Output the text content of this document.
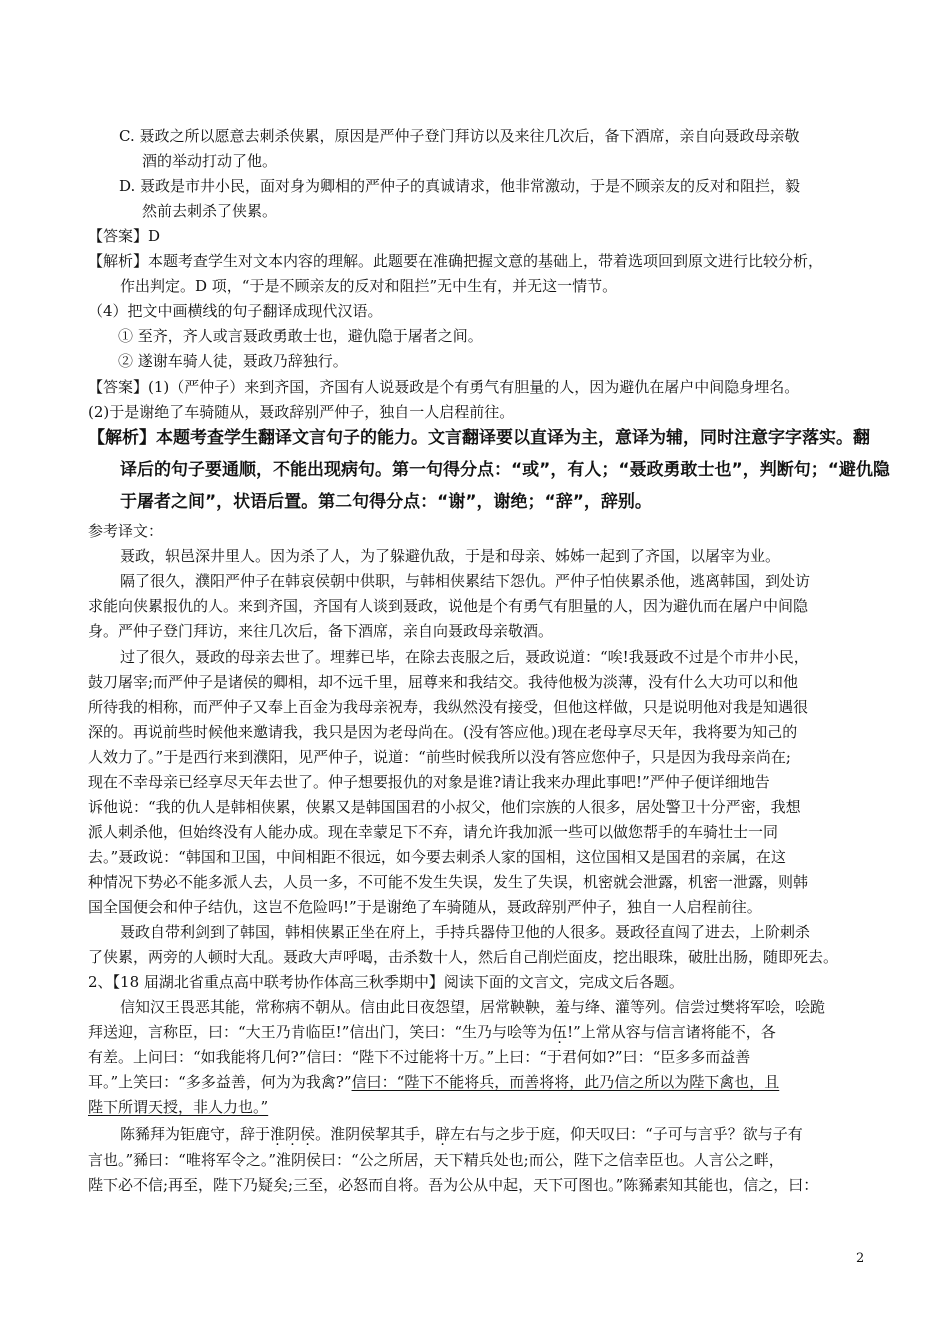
C. 聂政之所以愿意去刺杀侠累，原因是严仲子登门拜访以及来往几次后，备下酒席，亲自向聂政母亲敬
酒的举动打动了他。
D. 聂政是市井小民，面对身为卿相的严仲子的真诚请求，他非常激动，于是不顾亲友的反对和阻拦，毅
然前去刺杀了侠累。
【答案】D
【解析】本题考查学生对文本内容的理解。此题要在准确把握文意的基础上，带着选项回到原文进行比较分析，
作出判定。D 项，“于是不顾亲友的反对和阻拦”无中生有，并无这一情节。
（4）把文中画横线的句子翻译成现代汉语。
① 至齐，齐人或言聂政勇敢士也，避仇隐于屠者之间。
② 遂谢车骑人徒，聂政乃辞独行。
【答案】(1)（严仲子）来到齐国，齐国有人说聂政是个有勇气有胆量的人，因为避仇在屠户中间隐身埋名。
(2)于是谢绝了车骑随从，聂政辞别严仲子，独自一人启程前往。
【解析】本题考查学生翻译文言句子的能力。文言翻译要以直译为主，意译为辅，同时注意字字落实。翻
译后的句子要通顺，不能出现病句。第一句得分点：“或”，有人；“聂政勇敢士也”，判断句；“避仇隐
于屠者之间”，状语后置。第二句得分点：“谢”，谢绝；“辞”，辞别。
参考译文：
聂政，轵邑深井里人。因为杀了人，为了躲避仇敌，于是和母亲、姊姊一起到了齐国，以屠宰为业。
隔了很久，濮阳严仲子在韩哀侯朝中供职，与韩相侠累结下怨仇。严仲子怕侠累杀他，逃离韩国，到处访
求能向侠累报仇的人。来到齐国，齐国有人谈到聂政，说他是个有勇气有胆量的人，因为避仇而在屠户中间隐
身。严仲子登门拜访，来往几次后，备下酒席，亲自向聂政母亲敬酒。
过了很久，聂政的母亲去世了。埋葬已毕，在除去丧服之后，聂政说道：“唉!我聂政不过是个市井小民，
鼓刀屠宰;而严仲子是诸侯的卿相，却不远千里，屈尊来和我结交。我待他极为淡薄，没有什么大功可以和他
所待我的相称，而严仲子又奉上百金为我母亲祝寿，我纵然没有接受，但他这样做，只是说明他对我是知遇很
深的。再说前些时候他来邀请我，我只是因为老母尚在。(没有答应他。)现在老母享尽天年，我将要为知己的
人效力了。”于是西行来到濮阳，见严仲子，说道：“前些时候我所以没有答应您仲子，只是因为我母亲尚在;
现在不幸母亲已经享尽天年去世了。仲子想要报仇的对象是谁?请让我来办理此事吧!”严仲子便详细地告
诉他说：“我的仇人是韩相侠累，侠累又是韩国国君的小叔父，他们宗族的人很多，居处警卫十分严密，我想
派人刺杀他，但始终没有人能办成。现在幸蒙足下不弃，请允许我加派一些可以做您帮手的车骑壮士一同
去。”聂政说：“韩国和卫国，中间相距不很远，如今要去刺杀人家的国相，这位国相又是国君的亲属，在这
种情况下势必不能多派人去，人员一多，不可能不发生失误，发生了失误，机密就会泄露，机密一泄露，则韩
国全国便会和仲子结仇，这岂不危险吗!”于是谢绝了车骑随从，聂政辞别严仲子，独自一人启程前往。
聂政自带利剑到了韩国，韩相侠累正坐在府上，手持兵器侍卫他的人很多。聂政径直闯了进去，上阶刺杀
了侠累，两旁的人顿时大乱。聂政大声呼喝，击杀数十人，然后自己削烂面皮，挖出眼珠，破肚出肠，随即死去。
2、【18 届湖北省重点高中联考协作体高三秋季期中】阅读下面的文言文，完成文后各题。
信知汉王畏恶其能，常称病不朝从。信由此日夜怨望，居常鞅鞅，羞与绛、灌等列。信尝过樊将军哙，哙跪
拜送迎，言称臣，曰：“大王乃肯临臣!”信出门，笑曰：“生乃与哙等为伍!”上常从容与信言诸将能不，各
有差。上问曰：“如我能将几何?”信曰：“陛下不过能将十万。”上曰：“于君何如?”曰：“臣多多而益善
耳。”上笑曰：“多多益善，何为为我禽?”信曰：“陛下不能将兵，而善将将，此乃信之所以为陛下禽也，且
陛下所谓天授，非人力也。”
陈豨拜为钜鹿守，辞于淮阴侯。淮阴侯挈其手，辟左右与之步于庭，仰天叹曰：“子可与言乎？欲与子有
言也。”豨曰：“唯将军令之。”淮阴侯曰：“公之所居，天下精兵处也;而公，陛下之信幸臣也。人言公之畔，
陛下必不信;再至，陛下乃疑矣;三至，必怒而自将。吾为公从中起，天下可图也。”陈豨素知其能也，信之，曰：
2
